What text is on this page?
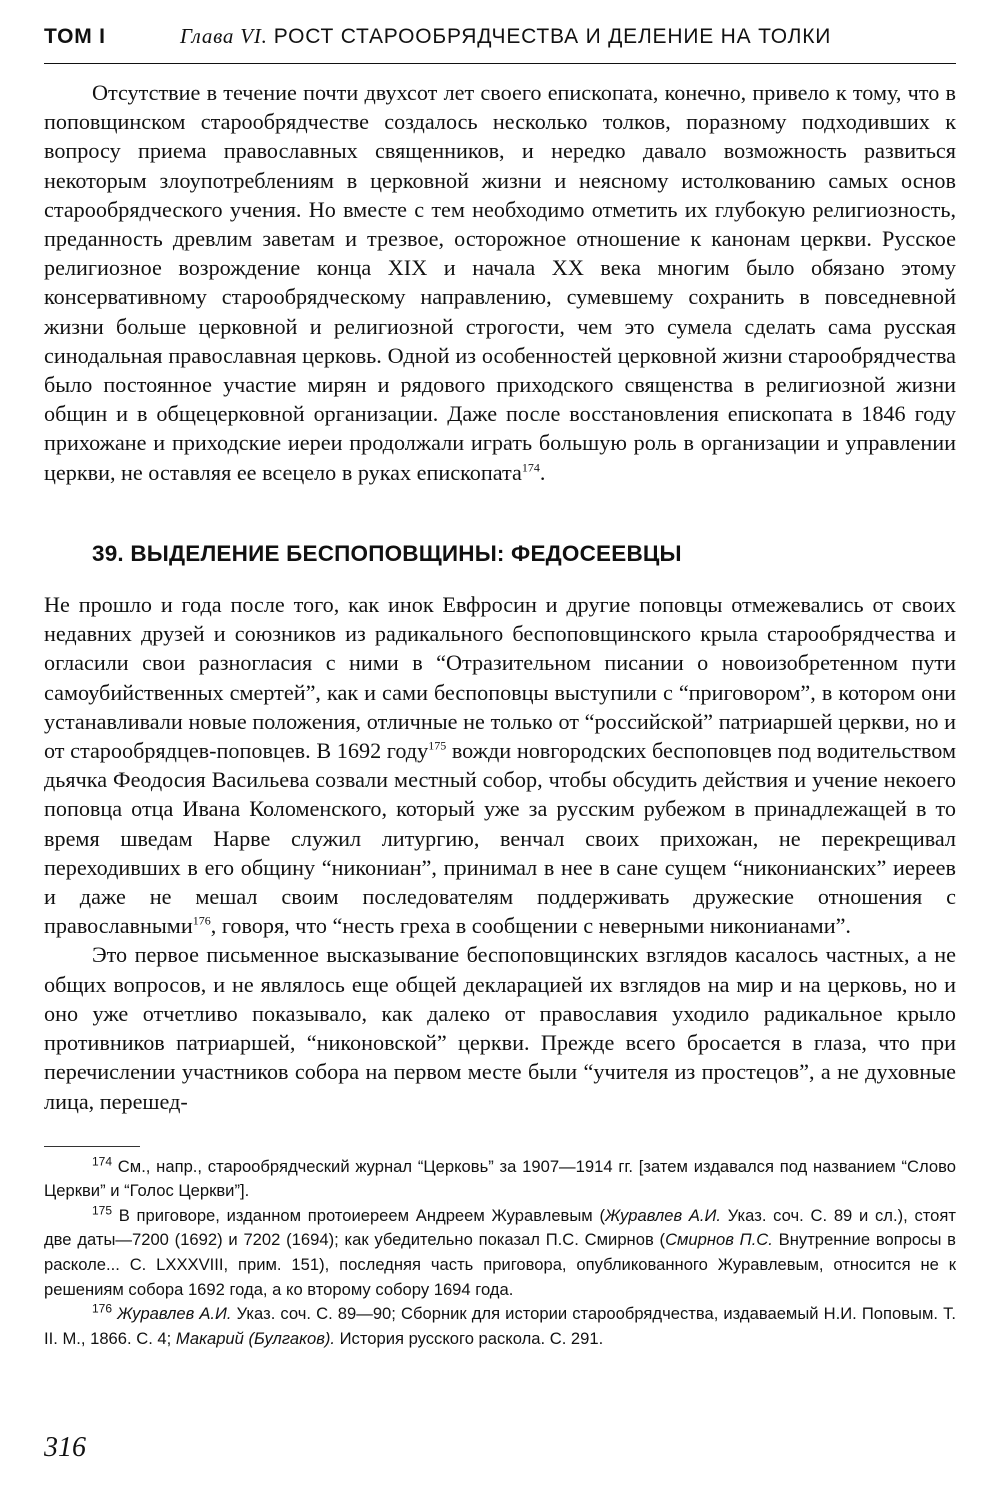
ТОМ I	Глава VI. РОСТ СТАРООБРЯДЧЕСТВА И ДЕЛЕНИЕ НА ТОЛКИ

Отсутствие в течение почти двухсот лет своего епископата, конечно, привело к тому, что в поповщинском старообрядчестве создалось несколько толков, поразному подходивших к вопросу приема православных священников, и нередко давало возможность развиться некоторым злоупотреблениям в церковной жизни и неясному истолкованию самых основ старообрядческого учения. Но вместе с тем необходимо отметить их глубокую религиозность, преданность древлим заветам и трезвое, осторожное отношение к канонам церкви. Русское религиозное возрождение конца XIX и начала XX века многим было обязано этому консервативному старообрядческому направлению, сумевшему сохранить в повседневной жизни больше церковной и религиозной строгости, чем это сумела сделать сама русская синодальная православная церковь. Одной из особенностей церковной жизни старообрядчества было постоянное участие мирян и рядового приходского священства в религиозной жизни общин и в общецерковной организации. Даже после восстановления епископата в 1846 году прихожане и приходские иереи продолжали играть большую роль в организации и управлении церкви, не оставляя ее всецело в руках епископата$^{174}$.

39. ВЫДЕЛЕНИЕ БЕСПОПОВЩИНЫ: ФЕДОСЕЕВЦЫ

Не прошло и года после того, как инок Евфросин и другие поповцы отмежевались от своих недавних друзей и союзников из радикального беспоповщинского крыла старообрядчества и огласили свои разногласия с ними в “Отразительном писании о новоизобретенном пути самоубийственных смертей”, как и сами беспоповцы выступили с “приговором”, в котором они устанавливали новые положения, отличные не только от “российской” патриаршей церкви, но и от старообрядцев-поповцев. В 1692 году$^{175}$ вожди новгородских беспоповцев под водительством дьячка Феодосия Васильева созвали местный собор, чтобы обсудить действия и учение некоего поповца отца Ивана Коломенского, который уже за русским рубежом в принадлежащей в то время шведам Нарве служил литургию, венчал своих прихожан, не перекрещивал переходивших в его общину “никониан”, принимал в нее в сане сущем “никонианских” иереев и даже не мешал своим последователям поддерживать дружеские отношения с православными$^{176}$, говоря, что “несть греха в сообщении с неверными никонианами”.

Это первое письменное высказывание беспоповщинских взглядов касалось частных, а не общих вопросов, и не являлось еще общей декларацией их взглядов на мир и на церковь, но и оно уже отчетливо показывало, как далеко от православия уходило радикальное крыло противников патриаршей, “никоновской” церкви. Прежде всего бросается в глаза, что при перечислении участников собора на первом месте были “учителя из простецов”, а не духовные лица, перешед-

$^{174}$ См., напр., старообрядческий журнал “Церковь” за 1907—1914 гг. [затем издавался под названием “Слово Церкви” и “Голос Церкви”].

$^{175}$ В приговоре, изданном протоиереем Андреем Журавлевым (Журавлев А.И. Указ. соч. С. 89 и сл.), стоят две даты—7200 (1692) и 7202 (1694); как убедительно показал П.С. Смирнов (Смирнов П.С. Внутренние вопросы в расколе... С. LXXXVIII, прим. 151), последняя часть приговора, опубликованного Журавлевым, относится не к решениям собора 1692 года, а ко второму собору 1694 года.

$^{176}$ Журавлев А.И. Указ. соч. С. 89—90; Сборник для истории старообрядчества, издаваемый Н.И. Поповым. Т. II. М., 1866. С. 4; Макарий (Булгаков). История русского раскола. С. 291.

316
